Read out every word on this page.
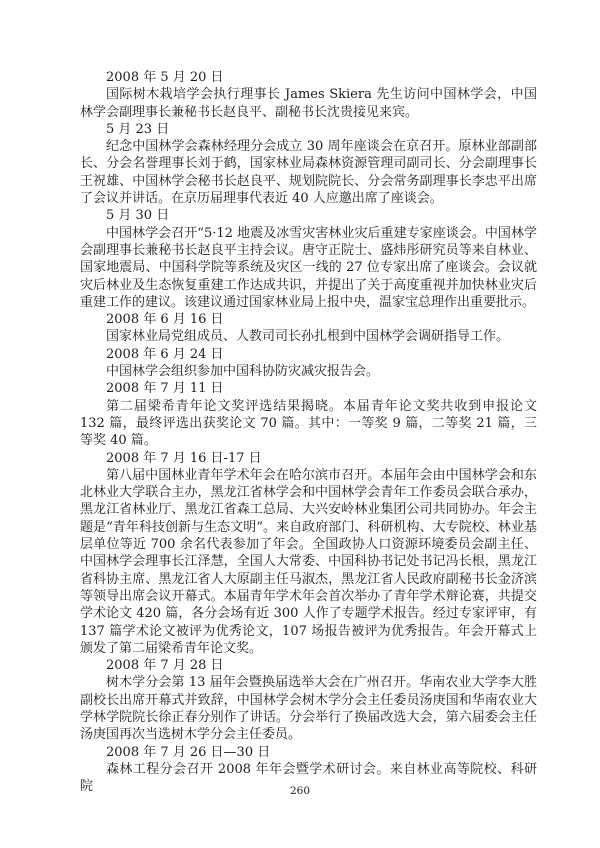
2008 年 5 月 20 日

国际树木栽培学会执行理事长 James Skiera 先生访问中国林学会，中国林学会副理事长兼秘书长赵良平、副秘书长沈贵接见来宾。

5 月 23 日

纪念中国林学会森林经理分会成立 30 周年座谈会在京召开。原林业部副部长、分会名誉理事长刘于鹤，国家林业局森林资源管理司副司长、分会副理事长王祝雄、中国林学会秘书长赵良平、规划院院长、分会常务副理事长李忠平出席了会议并讲话。在京历届理事代表近 40 人应邀出席了座谈会。

5 月 30 日

中国林学会召开“5·12 地震及冰雪灾害林业灾后重建专家座谈会。中国林学会副理事长兼秘书长赵良平主持会议。唐守正院士、盛炜彤研究员等来自林业、国家地震局、中国科学院等系统及灾区一线的 27 位专家出席了座谈会。会议就灾后林业及生态恢复重建工作达成共识，并提出了关于高度重视并加快林业灾后重建工作的建议。该建议通过国家林业局上报中央，温家宝总理作出重要批示。

2008 年 6 月 16 日

国家林业局党组成员、人教司司长孙扎根到中国林学会调研指导工作。

2008 年 6 月 24 日

中国林学会组织参加中国科协防灾减灾报告会。

2008 年 7 月 11 日

第二届梁希青年论文奖评选结果揭晓。本届青年论文奖共收到申报论文 132 篇，最终评选出获奖论文 70 篇。其中：一等奖 9 篇，二等奖 21 篇，三等奖 40 篇。

2008 年 7 月 16 日-17 日

第八届中国林业青年学术年会在哈尔滨市召开。本届年会由中国林学会和东北林业大学联合主办，黑龙江省林学会和中国林学会青年工作委员会联合承办，黑龙江省林业厅、黑龙江省森工总局、大兴安岭林业集团公司共同协办。年会主题是“青年科技创新与生态文明”。来自政府部门、科研机构、大专院校、林业基层单位等近 700 余名代表参加了年会。全国政协人口资源环境委员会副主任、中国林学会理事长江泽慧，全国人大常委、中国科协书记处书记冯长根，黑龙江省科协主席、黑龙江省人大原副主任马淑杰，黑龙江省人民政府副秘书长金济滨等领导出席会议开幕式。本届青年学术年会首次举办了青年学术辩论赛，共提交学术论文 420 篇，各分会场有近 300 人作了专题学术报告。经过专家评审，有 137 篇学术论文被评为优秀论文，107 场报告被评为优秀报告。年会开幕式上颁发了第二届梁希青年论文奖。

2008 年 7 月 28 日

树木学分会第 13 届年会暨换届选举大会在广州召开。华南农业大学李大胜副校长出席开幕式并致辞，中国林学会树木学分会主任委员汤庚国和华南农业大学林学院院长徐正春分别作了讲话。分会举行了换届改选大会，第六届委会主任汤庚国再次当选树木学分会主任委员。

2008 年 7 月 26 日—30 日

森林工程分会召开 2008 年年会暨学术研讨会。来自林业高等院校、科研院	260
